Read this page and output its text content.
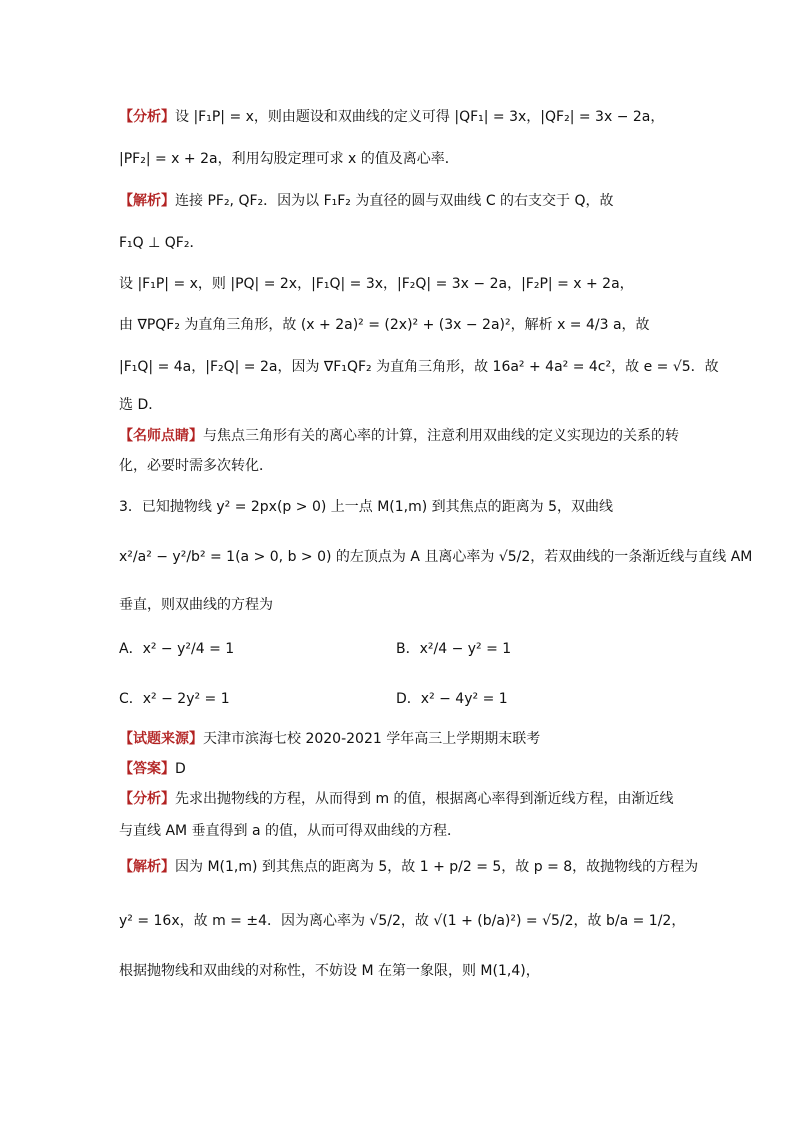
【分析】设 |F₁P| = x，则由题设和双曲线的定义可得 |QF₁| = 3x，|QF₂| = 3x − 2a，
|PF₂| = x + 2a，利用勾股定理可求 x 的值及离心率．
【解析】连接 PF₂, QF₂．因为以 F₁F₂ 为直径的圆与双曲线 C 的右支交于 Q，故
F₁Q ⊥ QF₂．
设 |F₁P| = x，则 |PQ| = 2x，|F₁Q| = 3x，|F₂Q| = 3x − 2a，|F₂P| = x + 2a，
由 ∇PQF₂ 为直角三角形，故 (x + 2a)² = (2x)² + (3x − 2a)²，解析 x = 4/3 a，故
|F₁Q| = 4a，|F₂Q| = 2a，因为 ∇F₁QF₂ 为直角三角形，故 16a² + 4a² = 4c²，故 e = √5．故
选 D．
【名师点睛】与焦点三角形有关的离心率的计算，注意利用双曲线的定义实现边的关系的转
化，必要时需多次转化．
3．已知抛物线 y² = 2px(p > 0) 上一点 M(1,m) 到其焦点的距离为 5，双曲线
x²/a² − y²/b² = 1(a > 0, b > 0) 的左顶点为 A 且离心率为 √5/2，若双曲线的一条渐近线与直线 AM
垂直，则双曲线的方程为
A．x² − y²/4 = 1	B．x²/4 − y² = 1
C．x² − 2y² = 1	D．x² − 4y² = 1
【试题来源】天津市滨海七校 2020-2021 学年高三上学期期末联考
【答案】D
【分析】先求出抛物线的方程，从而得到 m 的值，根据离心率得到渐近线方程，由渐近线
与直线 AM 垂直得到 a 的值，从而可得双曲线的方程．
【解析】因为 M(1,m) 到其焦点的距离为 5，故 1 + p/2 = 5，故 p = 8，故抛物线的方程为
y² = 16x，故 m = ±4．因为离心率为 √5/2，故 √(1 + (b/a)²) = √5/2，故 b/a = 1/2，
根据抛物线和双曲线的对称性，不妨设 M 在第一象限，则 M(1,4)，
